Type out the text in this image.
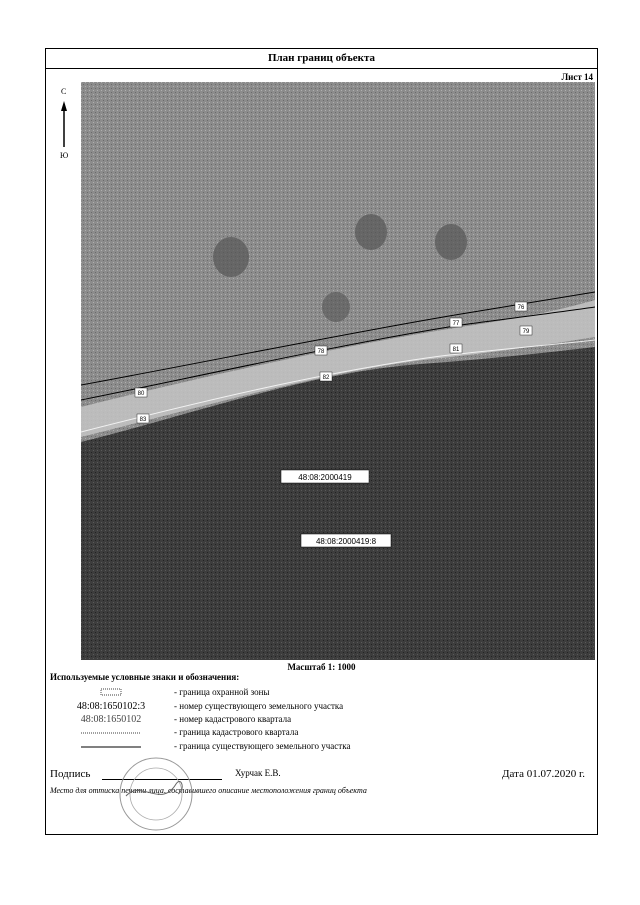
План границ объекта
Лист 14
С
Ю
76
77
78
79
80
81
82
83
48:08:2000419
48:08:2000419:8
Масштаб 1: 1000
Используемые условные знаки и обозначения:
- граница охранной зоны
48:08:1650102:3	- номер существующего земельного участка
48:08:1650102	- номер кадастрового квартала
- граница кадастрового квартала
- граница существующего земельного участка
Подпись	Хурчак Е.В.	Дата 01.07.2020 г.
Место для оттиска печати лица, составившего описание местоположения границ объекта
